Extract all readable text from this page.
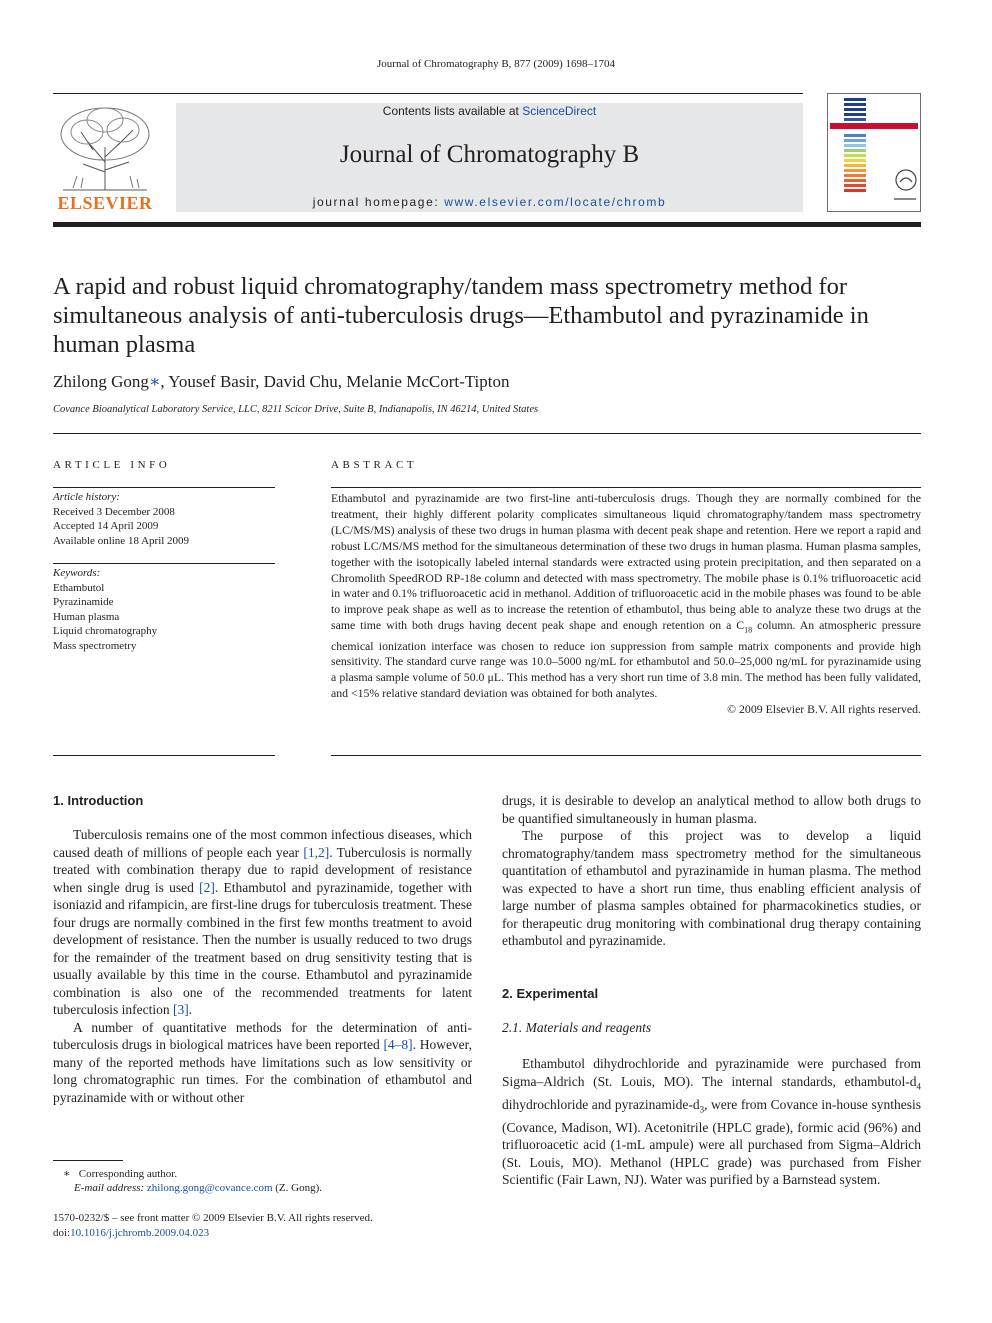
Journal of Chromatography B, 877 (2009) 1698–1704
ELSEVIER
Contents lists available at ScienceDirect
Journal of Chromatography B
journal homepage: www.elsevier.com/locate/chromb
A rapid and robust liquid chromatography/tandem mass spectrometry method for simultaneous analysis of anti-tuberculosis drugs—Ethambutol and pyrazinamide in human plasma
Zhilong Gong∗, Yousef Basir, David Chu, Melanie McCort-Tipton
Covance Bioanalytical Laboratory Service, LLC, 8211 Scicor Drive, Suite B, Indianapolis, IN 46214, United States
ARTICLE INFO
Article history:
Received 3 December 2008
Accepted 14 April 2009
Available online 18 April 2009
Keywords:
Ethambutol
Pyrazinamide
Human plasma
Liquid chromatography
Mass spectrometry
ABSTRACT
Ethambutol and pyrazinamide are two first-line anti-tuberculosis drugs. Though they are normally combined for the treatment, their highly different polarity complicates simultaneous liquid chromatography/tandem mass spectrometry (LC/MS/MS) analysis of these two drugs in human plasma with decent peak shape and retention. Here we report a rapid and robust LC/MS/MS method for the simultaneous determination of these two drugs in human plasma. Human plasma samples, together with the isotopically labeled internal standards were extracted using protein precipitation, and then separated on a Chromolith SpeedROD RP-18e column and detected with mass spectrometry. The mobile phase is 0.1% trifluoroacetic acid in water and 0.1% trifluoroacetic acid in methanol. Addition of trifluoroacetic acid in the mobile phases was found to be able to improve peak shape as well as to increase the retention of ethambutol, thus being able to analyze these two drugs at the same time with both drugs having decent peak shape and enough retention on a $C_{18}$ column. An atmospheric pressure chemical ionization interface was chosen to reduce ion suppression from sample matrix components and provide high sensitivity. The standard curve range was 10.0–5000 ng/mL for ethambutol and 50.0–25,000 ng/mL for pyrazinamide using a plasma sample volume of 50.0 μL. This method has a very short run time of 3.8 min. The method has been fully validated, and <15% relative standard deviation was obtained for both analytes.
© 2009 Elsevier B.V. All rights reserved.
1. Introduction

Tuberculosis remains one of the most common infectious diseases, which caused death of millions of people each year [1,2]. Tuberculosis is normally treated with combination therapy due to rapid development of resistance when single drug is used [2]. Ethambutol and pyrazinamide, together with isoniazid and rifampicin, are first-line drugs for tuberculosis treatment. These four drugs are normally combined in the first few months treatment to avoid development of resistance. Then the number is usually reduced to two drugs for the remainder of the treatment based on drug sensitivity testing that is usually available by this time in the course. Ethambutol and pyrazinamide combination is also one of the recommended treatments for latent tuberculosis infection [3].

A number of quantitative methods for the determination of anti-tuberculosis drugs in biological matrices have been reported [4–8]. However, many of the reported methods have limitations such as low sensitivity or long chromatographic run times. For the combination of ethambutol and pyrazinamide with or without other

drugs, it is desirable to develop an analytical method to allow both drugs to be quantified simultaneously in human plasma.

The purpose of this project was to develop a liquid chromatography/tandem mass spectrometry method for the simultaneous quantitation of ethambutol and pyrazinamide in human plasma. The method was expected to have a short run time, thus enabling efficient analysis of large number of plasma samples obtained for pharmacokinetics studies, or for therapeutic drug monitoring with combinational drug therapy containing ethambutol and pyrazinamide.

2. Experimental
2.1. Materials and reagents

Ethambutol dihydrochloride and pyrazinamide were purchased from Sigma–Aldrich (St. Louis, MO). The internal standards, ethambutol-$d_4$ dihydrochloride and pyrazinamide-$d_3$, were from Covance in-house synthesis (Covance, Madison, WI). Acetonitrile (HPLC grade), formic acid (96%) and trifluoroacetic acid (1-mL ampule) were all purchased from Sigma–Aldrich (St. Louis, MO). Methanol (HPLC grade) was purchased from Fisher Scientific (Fair Lawn, NJ). Water was purified by a Barnstead system.

∗ Corresponding author.
E-mail address: zhilong.gong@covance.com (Z. Gong).
1570-0232/$ – see front matter © 2009 Elsevier B.V. All rights reserved.
doi:10.1016/j.jchromb.2009.04.023
